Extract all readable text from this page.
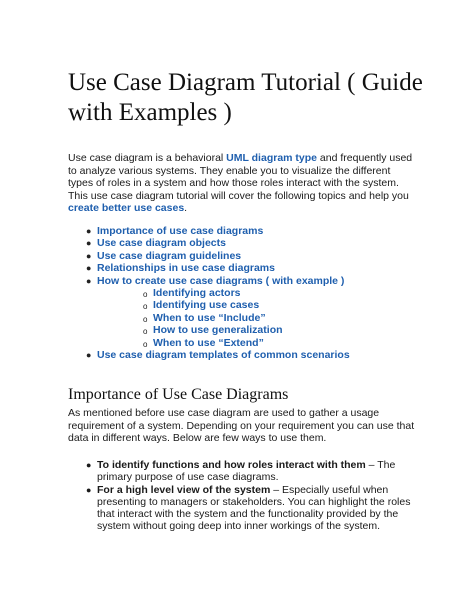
Use Case Diagram Tutorial ( Guide with Examples )

Use case diagram is a behavioral UML diagram type and frequently used to analyze various systems. They enable you to visualize the different types of roles in a system and how those roles interact with the system. This use case diagram tutorial will cover the following topics and help you create better use cases.

● Importance of use case diagrams
● Use case diagram objects
● Use case diagram guidelines
● Relationships in use case diagrams
● How to create use case diagrams ( with example )
o Identifying actors
o Identifying use cases
o When to use “Include”
o How to use generalization
o When to use “Extend”
● Use case diagram templates of common scenarios
Importance of Use Case Diagrams

As mentioned before use case diagram are used to gather a usage requirement of a system. Depending on your requirement you can use that data in different ways. Below are few ways to use them.

● To identify functions and how roles interact with them – The primary purpose of use case diagrams.
● For a high level view of the system – Especially useful when presenting to managers or stakeholders. You can highlight the roles that interact with the system and the functionality provided by the system without going deep into inner workings of the system.
